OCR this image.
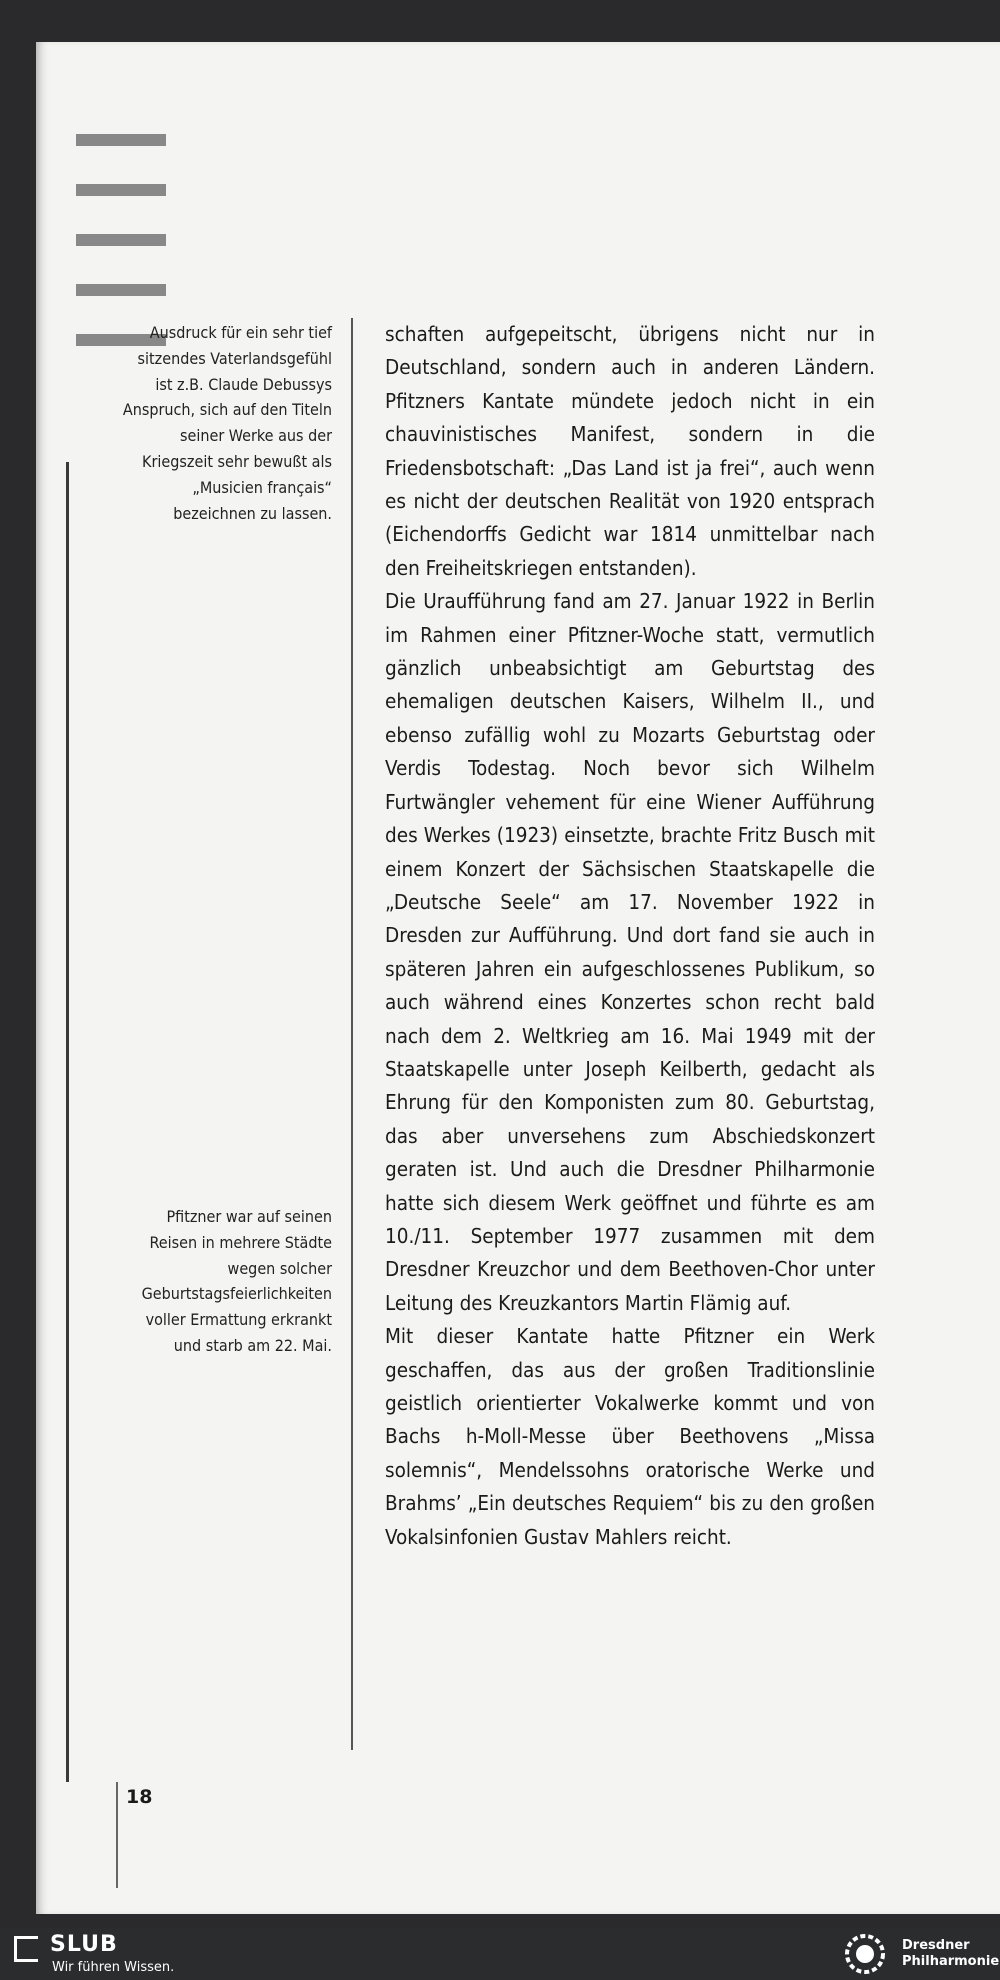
Ausdruck für ein sehr tief sitzendes Vaterlandsgefühl ist z.B. Claude Debussys Anspruch, sich auf den Titeln seiner Werke aus der Kriegszeit sehr bewußt als „Musicien français“ bezeichnen zu lassen.
Pfitzner war auf seinen Reisen in mehrere Städte wegen solcher Geburtstagsfeierlichkeiten voller Ermattung erkrankt und starb am 22. Mai.

schaften aufgepeitscht, übrigens nicht nur in Deutschland, sondern auch in anderen Ländern. Pfitzners Kantate mündete jedoch nicht in ein chauvinistisches Manifest, sondern in die Friedensbotschaft: „Das Land ist ja frei“, auch wenn es nicht der deutschen Realität von 1920 entsprach (Eichendorffs Gedicht war 1814 unmittelbar nach den Freiheitskriegen entstanden).

Die Uraufführung fand am 27. Januar 1922 in Berlin im Rahmen einer Pfitzner-Woche statt, vermutlich gänzlich unbeabsichtigt am Geburtstag des ehemaligen deutschen Kaisers, Wilhelm II., und ebenso zufällig wohl zu Mozarts Geburtstag oder Verdis Todestag. Noch bevor sich Wilhelm Furtwängler vehement für eine Wiener Aufführung des Werkes (1923) einsetzte, brachte Fritz Busch mit einem Konzert der Sächsischen Staatskapelle die „Deutsche Seele“ am 17. November 1922 in Dresden zur Aufführung. Und dort fand sie auch in späteren Jahren ein aufgeschlossenes Publikum, so auch während eines Konzertes schon recht bald nach dem 2. Weltkrieg am 16. Mai 1949 mit der Staatskapelle unter Joseph Keilberth, gedacht als Ehrung für den Komponisten zum 80. Geburtstag, das aber unversehens zum Abschiedskonzert geraten ist. Und auch die Dresdner Philharmonie hatte sich diesem Werk geöffnet und führte es am 10./11. September 1977 zusammen mit dem Dresdner Kreuzchor und dem Beethoven-Chor unter Leitung des Kreuzkantors Martin Flämig auf.

Mit dieser Kantate hatte Pfitzner ein Werk geschaffen, das aus der großen Traditionslinie geistlich orientierter Vokalwerke kommt und von Bachs h-Moll-Messe über Beethovens „Missa solemnis“, Mendelssohns oratorische Werke und Brahms’ „Ein deutsches Requiem“ bis zu den großen Vokalsinfonien Gustav Mahlers reicht.

18
SLUB
Wir führen Wissen.
Dresdner
Philharmonie
